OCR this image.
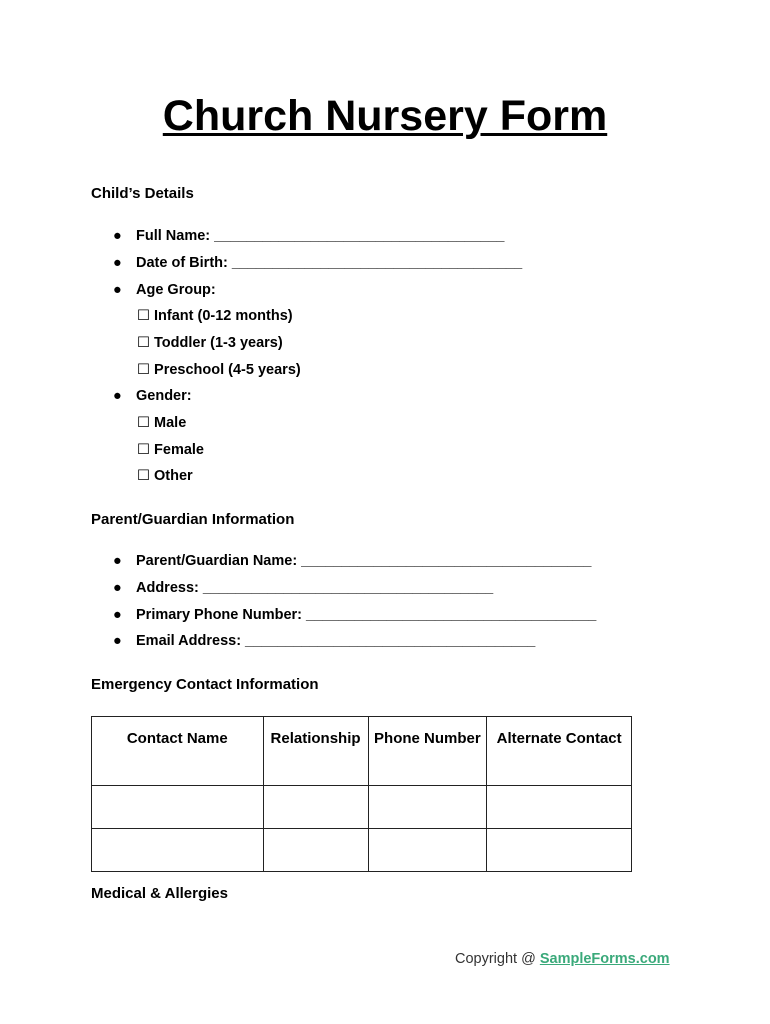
Church Nursery Form
Child’s Details
● Full Name: ____________________________________
● Date of Birth: ____________________________________
● Age Group:
☐ Infant (0-12 months)
☐ Toddler (1-3 years)
☐ Preschool (4-5 years)
● Gender:
☐ Male
☐ Female
☐ Other
Parent/Guardian Information
● Parent/Guardian Name: ____________________________________
● Address: ____________________________________
● Primary Phone Number: ____________________________________
● Email Address: ____________________________________
Emergency Contact Information
Contact Name	Relationship	Phone Number	Alternate Contact

Medical & Allergies
Copyright @ SampleForms.com
